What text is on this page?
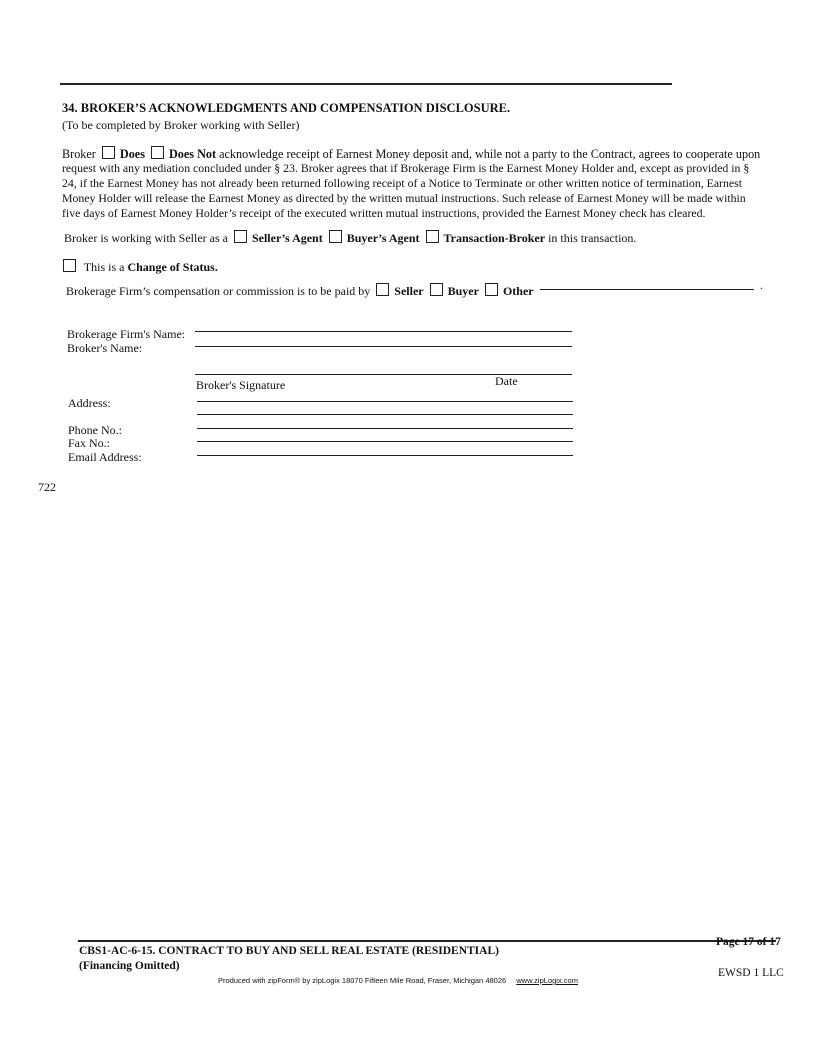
34. BROKER’S ACKNOWLEDGMENTS AND COMPENSATION DISCLOSURE.
(To be completed by Broker working with Seller)
Broker Does Does Not acknowledge receipt of Earnest Money deposit and, while not a party to the Contract, agrees to cooperate upon
request with any mediation concluded under § 23. Broker agrees that if Brokerage Firm is the Earnest Money Holder and, except as provided in §
24, if the Earnest Money has not already been returned following receipt of a Notice to Terminate or other written notice of termination, Earnest
Money Holder will release the Earnest Money as directed by the written mutual instructions. Such release of Earnest Money will be made within
five days of Earnest Money Holder’s receipt of the executed written mutual instructions, provided the Earnest Money check has cleared.
Broker is working with Seller as a Seller’s Agent Buyer’s Agent Transaction-Broker in this transaction.
This is a Change of Status.
Brokerage Firm’s compensation or commission is to be paid by Seller Buyer Other	.
Brokerage Firm's Name:
Broker's Name:
Broker's Signature	Date
Address:
Phone No.:
Fax No.:
Email Address:
722
CBS1-AC-6-15. CONTRACT TO BUY AND SELL REAL ESTATE (RESIDENTIAL)
(Financing Omitted)
Page 17 of 17
EWSD 1 LLC
Produced with zipForm® by zipLogix 18070 Fifteen Mile Road, Fraser, Michigan 48026 www.zipLogix.com
